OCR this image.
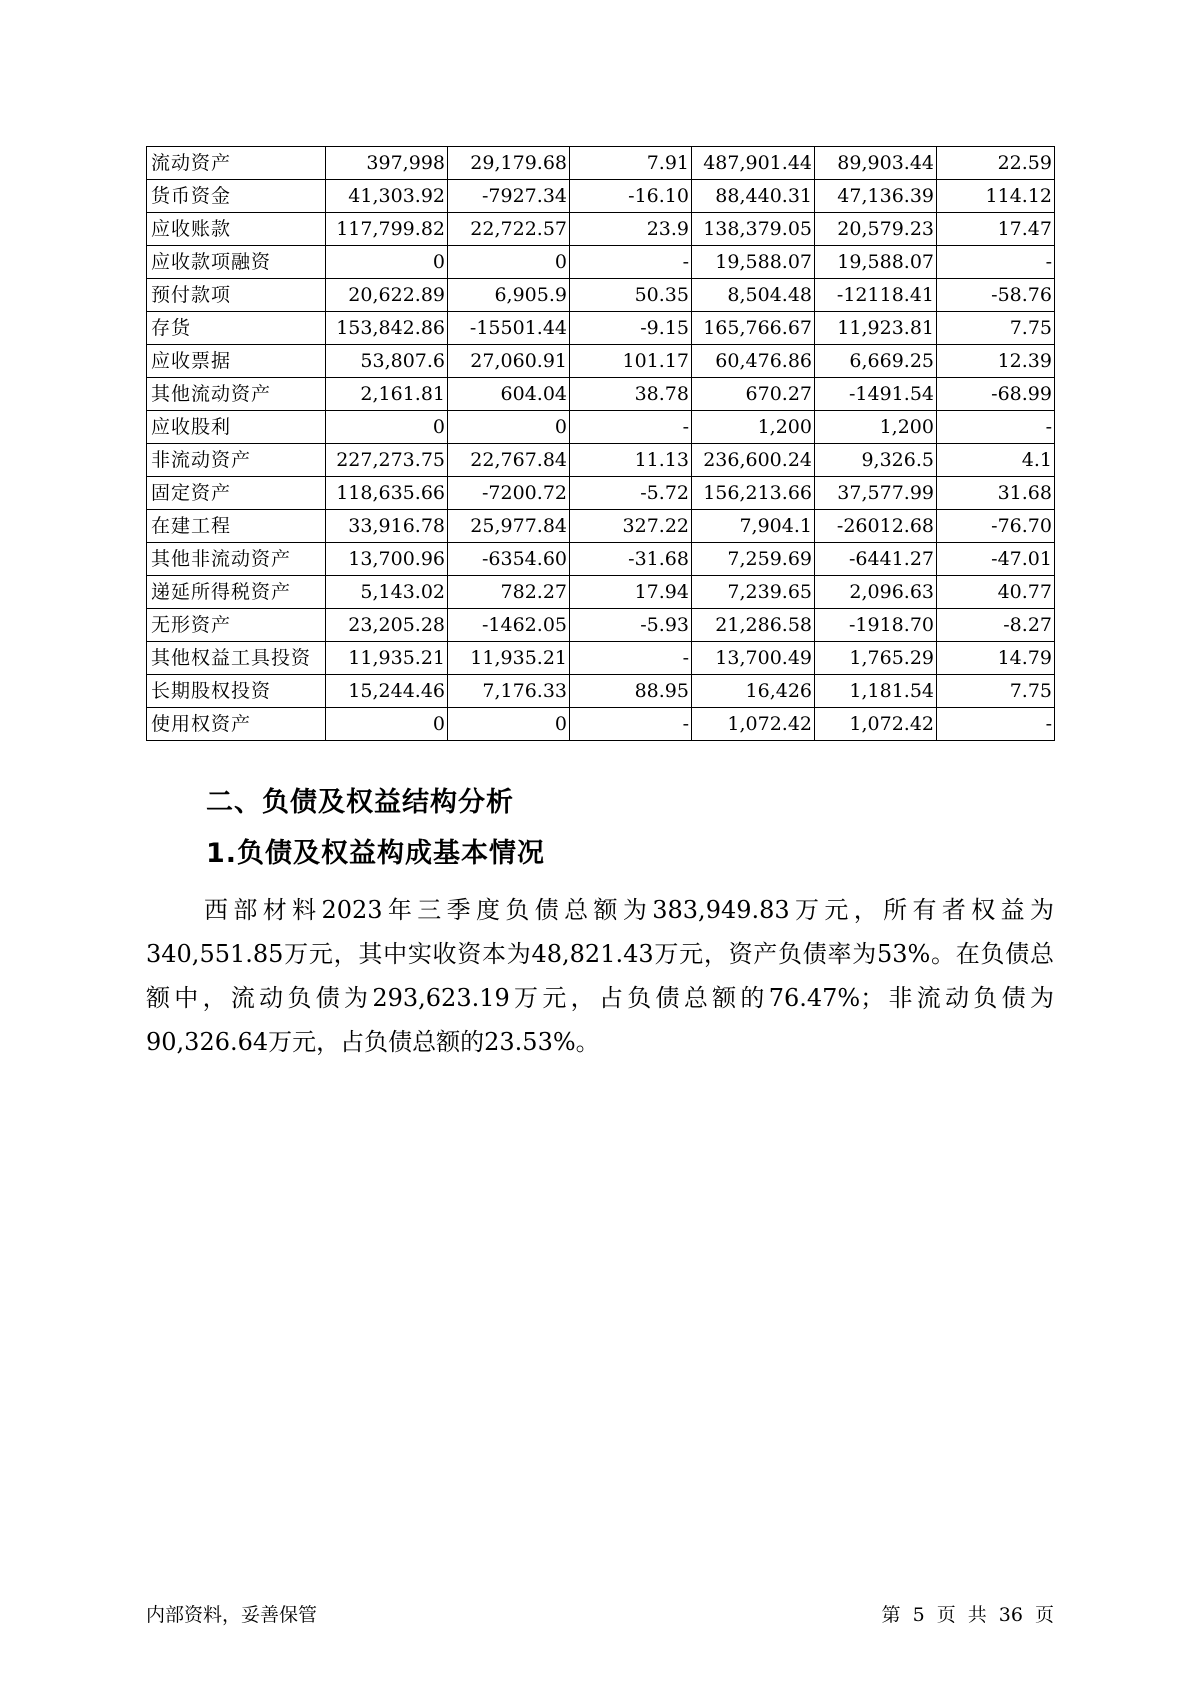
流动资产	397,998	29,179.68	7.91	487,901.44	89,903.44	22.59
货币资金	41,303.92	-7927.34	-16.10	88,440.31	47,136.39	114.12
应收账款	117,799.82	22,722.57	23.9	138,379.05	20,579.23	17.47
应收款项融资	0	0	-	19,588.07	19,588.07	-
预付款项	20,622.89	6,905.9	50.35	8,504.48	-12118.41	-58.76
存货	153,842.86	-15501.44	-9.15	165,766.67	11,923.81	7.75
应收票据	53,807.6	27,060.91	101.17	60,476.86	6,669.25	12.39
其他流动资产	2,161.81	604.04	38.78	670.27	-1491.54	-68.99
应收股利	0	0	-	1,200	1,200	-
非流动资产	227,273.75	22,767.84	11.13	236,600.24	9,326.5	4.1
固定资产	118,635.66	-7200.72	-5.72	156,213.66	37,577.99	31.68
在建工程	33,916.78	25,977.84	327.22	7,904.1	-26012.68	-76.70
其他非流动资产	13,700.96	-6354.60	-31.68	7,259.69	-6441.27	-47.01
递延所得税资产	5,143.02	782.27	17.94	7,239.65	2,096.63	40.77
无形资产	23,205.28	-1462.05	-5.93	21,286.58	-1918.70	-8.27
其他权益工具投资	11,935.21	11,935.21	-	13,700.49	1,765.29	14.79
长期股权投资	15,244.46	7,176.33	88.95	16,426	1,181.54	7.75
使用权资产	0	0	-	1,072.42	1,072.42	-
二、负债及权益结构分析
1.负债及权益构成基本情况
西部材料2023年三季度负债总额为383,949.83万元，所有者权益为340,551.85万元，其中实收资本为48,821.43万元，资产负债率为53%。在负债总额中，流动负债为293,623.19万元，占负债总额的76.47%；非流动负债为90,326.64万元，占负债总额的23.53%。
内部资料，妥善保管	第 5 页 共 36 页
